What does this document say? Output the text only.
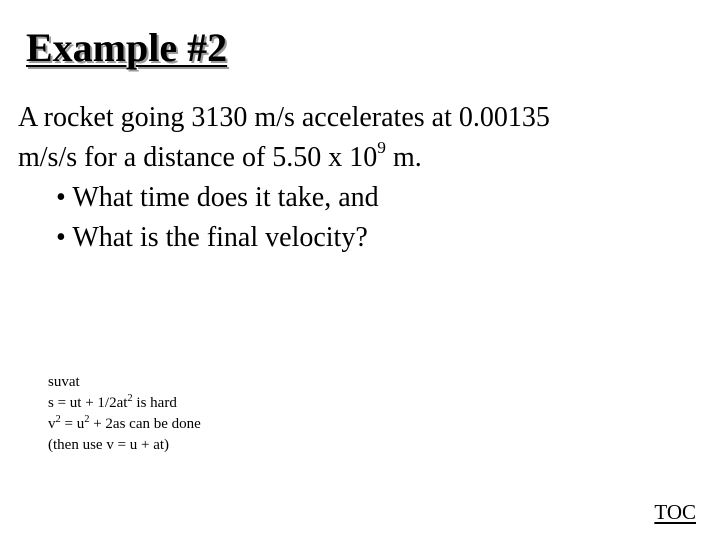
Example #2
A rocket going 3130 m/s accelerates at 0.00135
m/s/s for a distance of 5.50 x $10^9$ m.
• What time does it take, and
• What is the final velocity?
suvat
s = ut + $1/2at^2$ is hard
$v^2 = u^2 + 2as$ can be done
(then use v = u + at)
TOC
